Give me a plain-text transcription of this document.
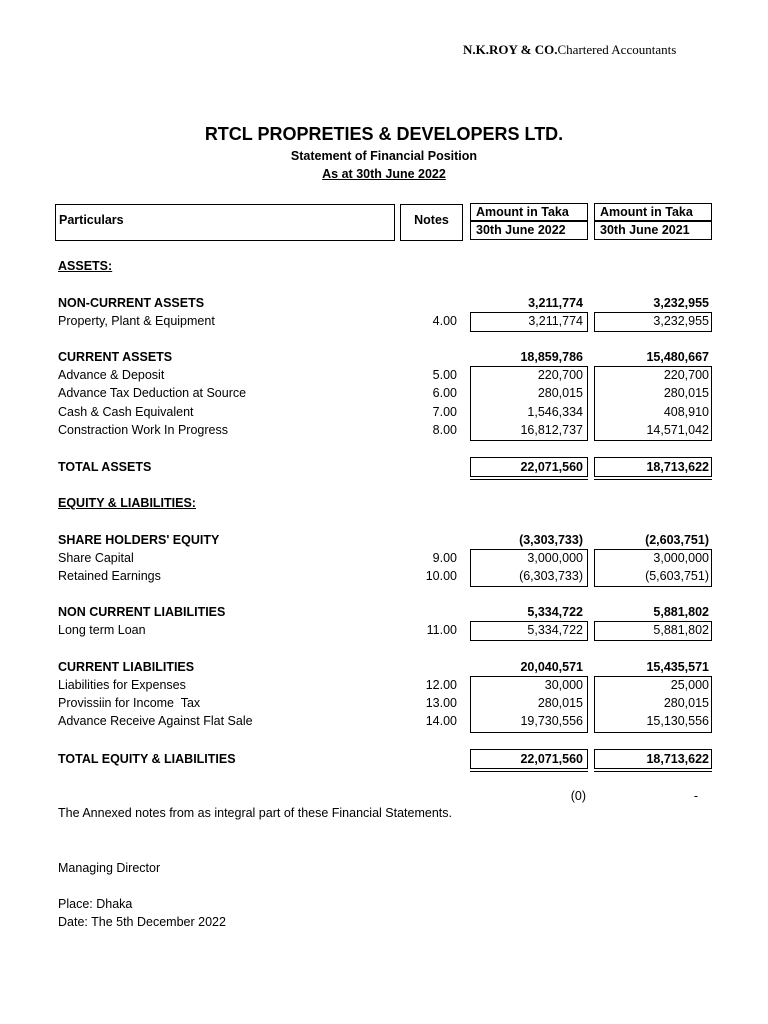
N.K.ROY & CO.Chartered Accountants
RTCL PROPRETIES & DEVELOPERS LTD.
Statement of Financial Position
As at 30th June 2022
Particulars	Notes
Amount in Taka
30th June 2022
Amount in Taka
30th June 2021
ASSETS:
NON-CURRENT ASSETS	3,211,774	3,232,955
Property, Plant & Equipment	4.00	3,211,774	3,232,955
CURRENT ASSETS	18,859,786	15,480,667
Advance & Deposit	5.00	220,700	220,700
Advance Tax Deduction at Source	6.00	280,015	280,015
Cash & Cash Equivalent	7.00	1,546,334	408,910
Constraction Work In Progress	8.00	16,812,737	14,571,042
TOTAL ASSETS	22,071,560	18,713,622
EQUITY & LIABILITIES:
SHARE HOLDERS' EQUITY	(3,303,733)	(2,603,751)
Share Capital	9.00	3,000,000	3,000,000
Retained Earnings	10.00	(6,303,733)	(5,603,751)
NON CURRENT LIABILITIES	5,334,722	5,881,802
Long term Loan	11.00	5,334,722	5,881,802
CURRENT LIABILITIES	20,040,571	15,435,571
Liabilities for Expenses	12.00	30,000	25,000
Provissiin for Income  Tax	13.00	280,015	280,015
Advance Receive Against Flat Sale	14.00	19,730,556	15,130,556
TOTAL EQUITY & LIABILITIES	22,071,560	18,713,622
(0)	-
The Annexed notes from as integral part of these Financial Statements.
Managing Director
Place: Dhaka
Date: The 5th December 2022
